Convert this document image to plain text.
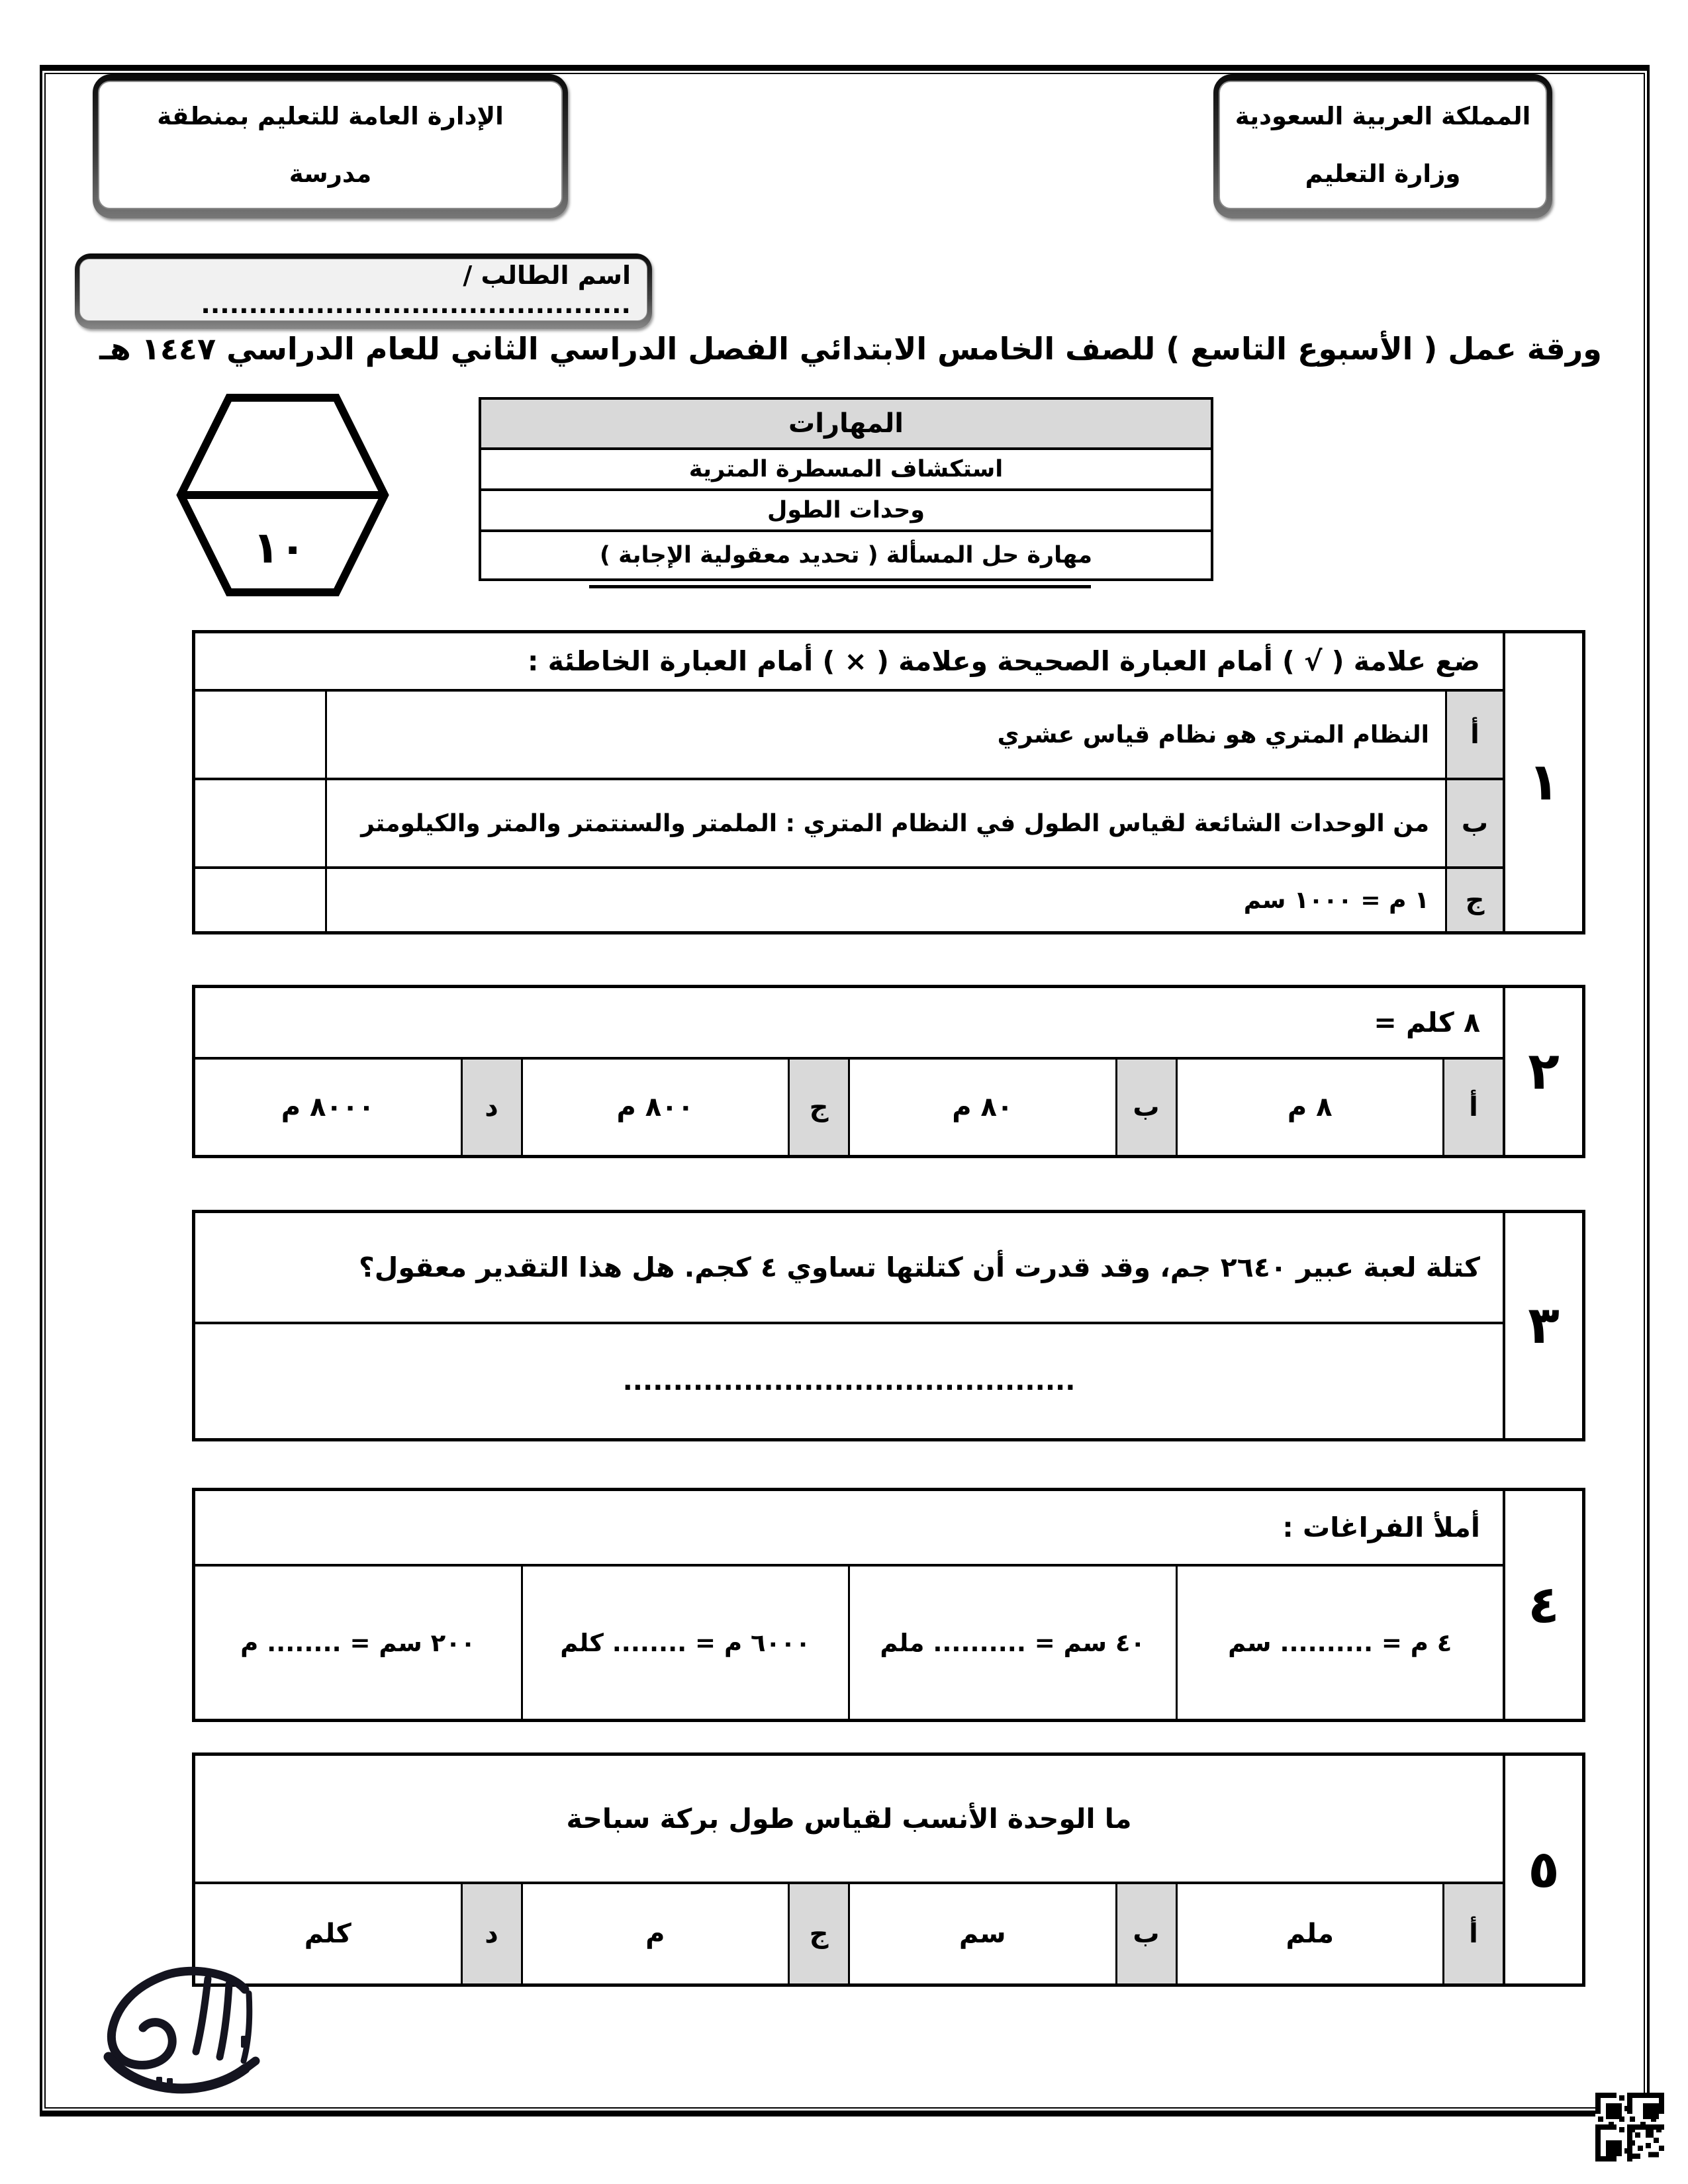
المملكة العربية السعودية
وزارة التعليم
الإدارة العامة للتعليم بمنطقة
مدرسة
اسم الطالب / .............................................
ورقة عمل ( الأسبوع التاسع ) للصف الخامس الابتدائي الفصل الدراسي الثاني للعام الدراسي ١٤٤٧ هـ
المهارات
استكشاف المسطرة المترية
وحدات الطول
مهارة حل المسألة ( تحديد معقولية الإجابة )
١٠
١
ضع علامة ( √ ) أمام العبارة الصحيحة وعلامة ( × ) أمام العبارة الخاطئة :
أ
النظام المتري هو نظام قياس عشري
ب
من الوحدات الشائعة لقياس الطول في النظام المتري : الملمتر والسنتمتر والمتر والكيلومتر
ج
١ م = ١٠٠٠ سم
٢
٨ كلم =
أ
٨ م
ب
٨٠ م
ج
٨٠٠ م
د
٨٠٠٠ م
٣
كتلة لعبة عبير ٢٦٤٠ جم، وقد قدرت أن كتلتها تساوي ٤ كجم. هل هذا التقدير معقول؟
.............................................
٤
أملأ الفراغات :
٤ م = .......... سم
٤٠ سم = .......... ملم
٦٠٠٠ م = ........ كلم
٢٠٠ سم = ........ م
٥
ما الوحدة الأنسب لقياس طول بركة سباحة
أ
ملم
ب
سم
ج
م
د
كلم
